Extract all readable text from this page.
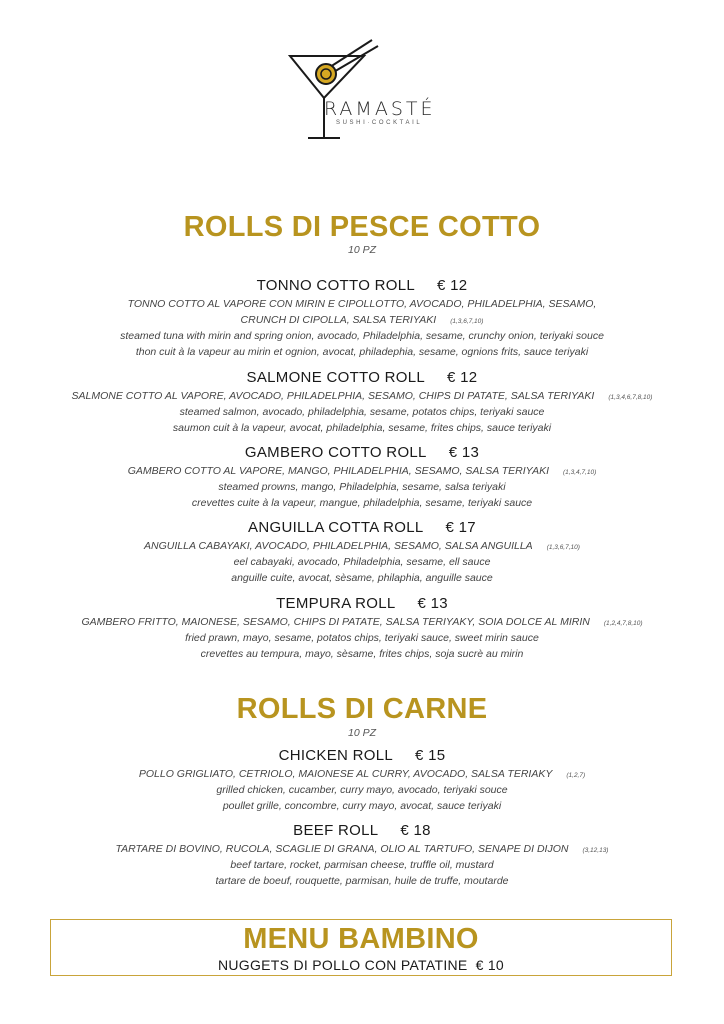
RAMASTÉ
SUSHI·COCKTAIL
ROLLS DI PESCE COTTO
10 PZ
TONNO COTTO ROLL € 12
TONNO COTTO AL VAPORE CON MIRIN E CIPOLLOTTO, AVOCADO, PHILADELPHIA, SESAMO,
CRUNCH DI CIPOLLA, SALSA TERIYAKI (1,3,6,7,10)
steamed tuna with mirin and spring onion, avocado, Philadelphia, sesame, crunchy onion, teriyaki souce
thon cuit à la vapeur au mirin et ognion, avocat, philadephia, sesame, ognions frits, sauce teriyaki
SALMONE COTTO ROLL € 12
SALMONE COTTO AL VAPORE, AVOCADO, PHILADELPHIA, SESAMO, CHIPS DI PATATE, SALSA TERIYAKI (1,3,4,6,7,8,10)
steamed salmon, avocado, philadelphia, sesame, potatos chips, teriyaki sauce
saumon cuit à la vapeur, avocat, philadelphia, sesame, frites chips, sauce teriyaki
GAMBERO COTTO ROLL € 13
GAMBERO COTTO AL VAPORE, MANGO, PHILADELPHIA, SESAMO, SALSA TERIYAKI (1,3,4,7,10)
steamed prowns, mango, Philadelphia, sesame, salsa teriyaki
crevettes cuite à la vapeur, mangue, philadelphia, sesame, teriyaki sauce
ANGUILLA COTTA ROLL € 17
ANGUILLA CABAYAKI, AVOCADO, PHILADELPHIA, SESAMO, SALSA ANGUILLA (1,3,6,7,10)
eel cabayaki, avocado, Philadelphia, sesame, ell sauce
anguille cuite, avocat, sèsame, philaphia, anguille sauce
TEMPURA ROLL € 13
GAMBERO FRITTO, MAIONESE, SESAMO, CHIPS DI PATATE, SALSA TERIYAKY, SOIA DOLCE AL MIRIN (1,2,4,7,8,10)
fried prawn, mayo, sesame, potatos chips, teriyaki sauce, sweet mirin sauce
crevettes au tempura, mayo, sèsame, frites chips, soja sucrè au mirin
ROLLS DI CARNE
10 PZ
CHICKEN ROLL € 15
POLLO GRIGLIATO, CETRIOLO, MAIONESE AL CURRY, AVOCADO, SALSA TERIAKY (1,2,7)
grilled chicken, cucamber, curry mayo, avocado, teriyaki souce
poullet grille, concombre, curry mayo, avocat, sauce teriyaki
BEEF ROLL € 18
TARTARE DI BOVINO, RUCOLA, SCAGLIE DI GRANA, OLIO AL TARTUFO, SENAPE DI DIJON (3,12,13)
beef tartare, rocket, parmisan cheese, truffle oil, mustard
tartare de boeuf, rouquette, parmisan, huile de truffe, moutarde
MENU BAMBINO
NUGGETS DI POLLO CON PATATINE € 10
